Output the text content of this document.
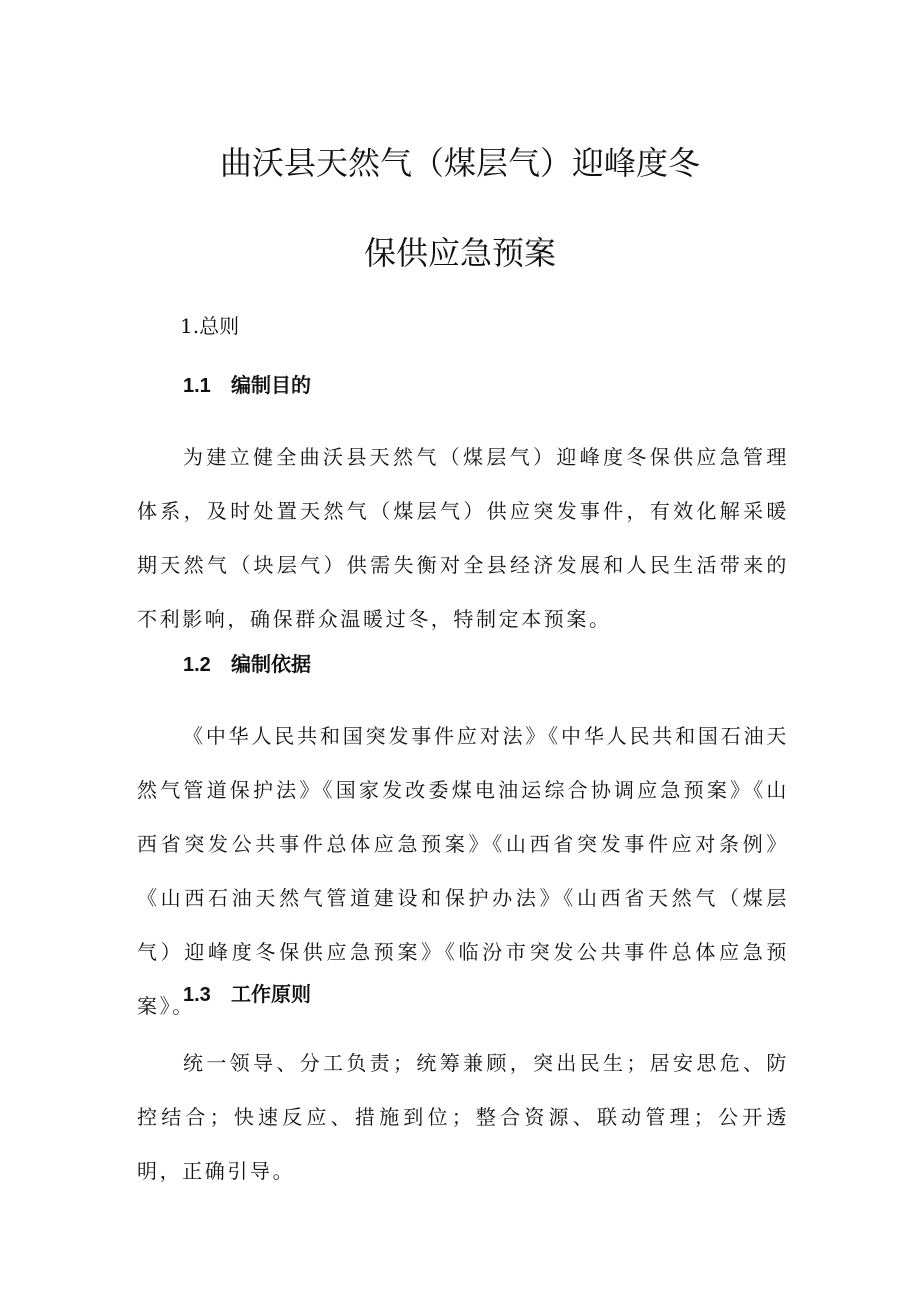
曲沃县天然气（煤层气）迎峰度冬
保供应急预案
1.总则
1.1 编制目的

为建立健全曲沃县天然气（煤层气）迎峰度冬保供应急管理体系，及时处置天然气（煤层气）供应突发事件，有效化解采暖期天然气（块层气）供需失衡对全县经济发展和人民生活带来的不利影响，确保群众温暖过冬，特制定本预案。

1.2 编制依据

《中华人民共和国突发事件应对法》《中华人民共和国石油天然气管道保护法》《国家发改委煤电油运综合协调应急预案》《山西省突发公共事件总体应急预案》《山西省突发事件应对条例》《山西石油天然气管道建设和保护办法》《山西省天然气（煤层气）迎峰度冬保供应急预案》《临汾市突发公共事件总体应急预案》。

1.3 工作原则

统一领导、分工负责；统筹兼顾，突出民生；居安思危、防控结合；快速反应、措施到位；整合资源、联动管理；公开透明，正确引导。
